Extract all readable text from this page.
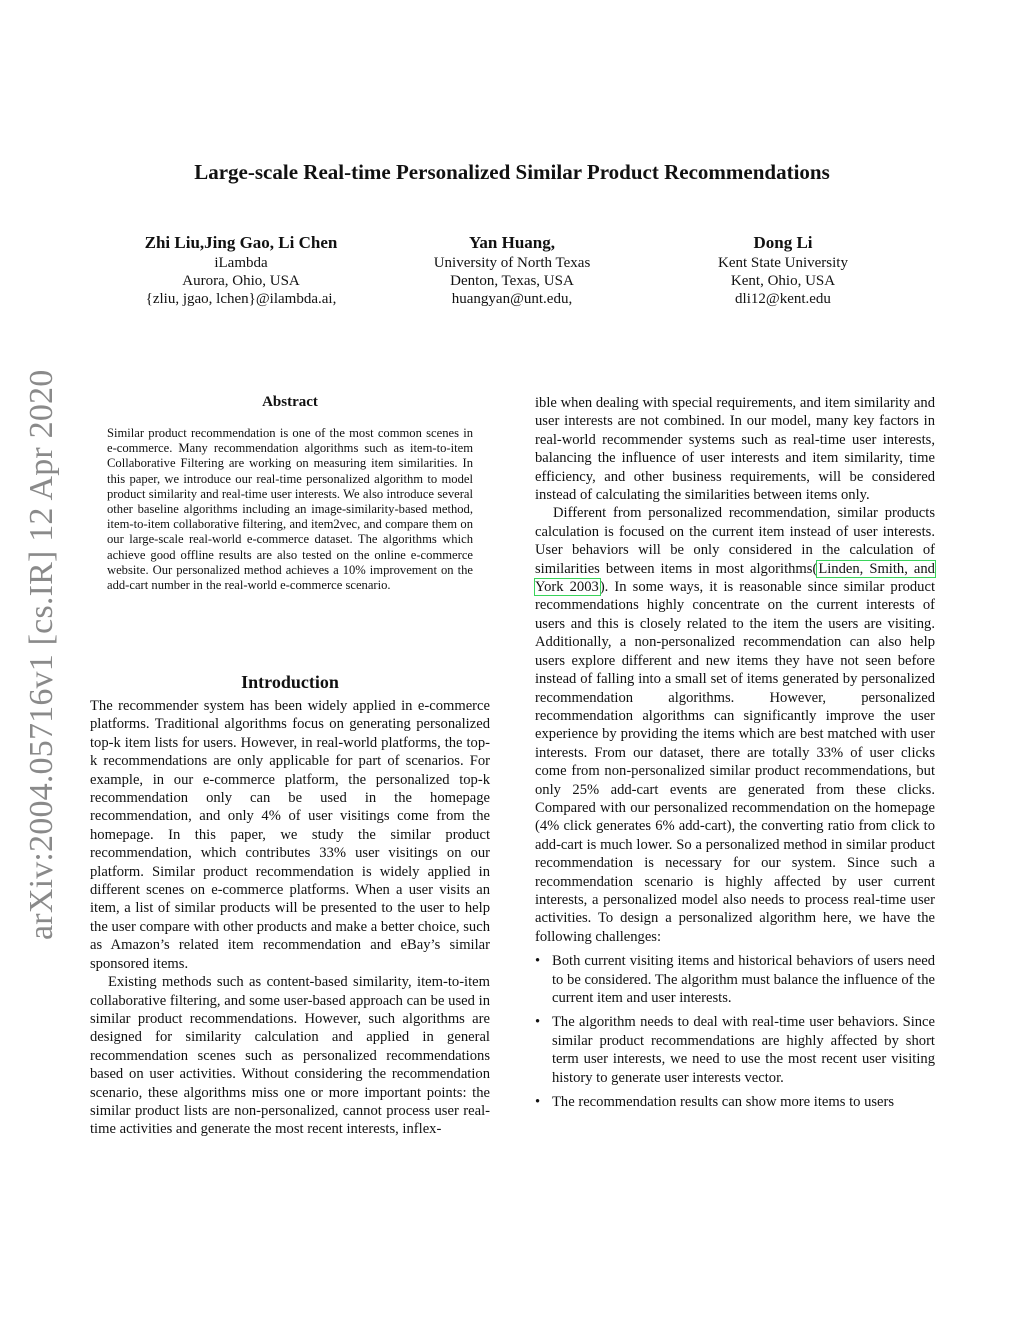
Large-scale Real-time Personalized Similar Product Recommendations
Zhi Liu,Jing Gao, Li Chen
iLambda
Aurora, Ohio, USA
{zliu, jgao, lchen}@ilambda.ai,
Yan Huang,
University of North Texas
Denton, Texas, USA
huangyan@unt.edu,
Dong Li
Kent State University
Kent, Ohio, USA
dli12@kent.edu
arXiv:2004.05716v1 [cs.IR] 12 Apr 2020	Abstract
Similar product recommendation is one of the most common scenes in e-commerce. Many recommendation algorithms such as item-to-item Collaborative Filtering are working on measuring item similarities. In this paper, we introduce our real-time personalized algorithm to model product similarity and real-time user interests. We also introduce several other baseline algorithms including an image-similarity-based method, item-to-item collaborative filtering, and item2vec, and compare them on our large-scale real-world e-commerce dataset. The algorithms which achieve good offline results are also tested on the online e-commerce website. Our personalized method achieves a 10% improvement on the add-cart number in the real-world e-commerce scenario.
Introduction

The recommender system has been widely applied in e-commerce platforms. Traditional algorithms focus on generating personalized top-k item lists for users. However, in real-world platforms, the top-k recommendations are only applicable for part of scenarios. For example, in our e-commerce platform, the personalized top-k recommendation only can be used in the homepage recommendation, and only 4% of user visitings come from the homepage. In this paper, we study the similar product recommendation, which contributes 33% user visitings on our platform. Similar product recommendation is widely applied in different scenes on e-commerce platforms. When a user visits an item, a list of similar products will be presented to the user to help the user compare with other products and make a better choice, such as Amazon’s related item recommendation and eBay’s similar sponsored items.

Existing methods such as content-based similarity, item-to-item collaborative filtering, and some user-based approach can be used in similar product recommendations. However, such algorithms are designed for similarity calculation and applied in general recommendation scenes such as personalized recommendations based on user activities. Without considering the recommendation scenario, these algorithms miss one or more important points: the similar product lists are non-personalized, cannot process user real-time activities and generate the most recent interests, inflex-

ible when dealing with special requirements, and item similarity and user interests are not combined. In our model, many key factors in real-world recommender systems such as real-time user interests, balancing the influence of user interests and item similarity, time efficiency, and other business requirements, will be considered instead of calculating the similarities between items only.

Different from personalized recommendation, similar products calculation is focused on the current item instead of user interests. User behaviors will be only considered in the calculation of similarities between items in most algorithms(Linden, Smith, and York 2003). In some ways, it is reasonable since similar product recommendations highly concentrate on the current interests of users and this is closely related to the item the users are visiting. Additionally, a non-personalized recommendation can also help users explore different and new items they have not seen before instead of falling into a small set of items generated by personalized recommendation algorithms. However, personalized recommendation algorithms can significantly improve the user experience by providing the items which are best matched with user interests. From our dataset, there are totally 33% of user clicks come from non-personalized similar product recommendations, but only 25% add-cart events are generated from these clicks. Compared with our personalized recommendation on the homepage (4% click generates 6% add-cart), the converting ratio from click to add-cart is much lower. So a personalized method in similar product recommendation is necessary for our system. Since such a recommendation scenario is highly affected by user current interests, a personalized model also needs to process real-time user activities. To design a personalized algorithm here, we have the following challenges:

• Both current visiting items and historical behaviors of users need to be considered. The algorithm must balance the influence of the current item and user interests.
• The algorithm needs to deal with real-time user behaviors. Since similar product recommendations are highly affected by short term user interests, we need to use the most recent user visiting history to generate user interests vector.
• The recommendation results can show more items to users
